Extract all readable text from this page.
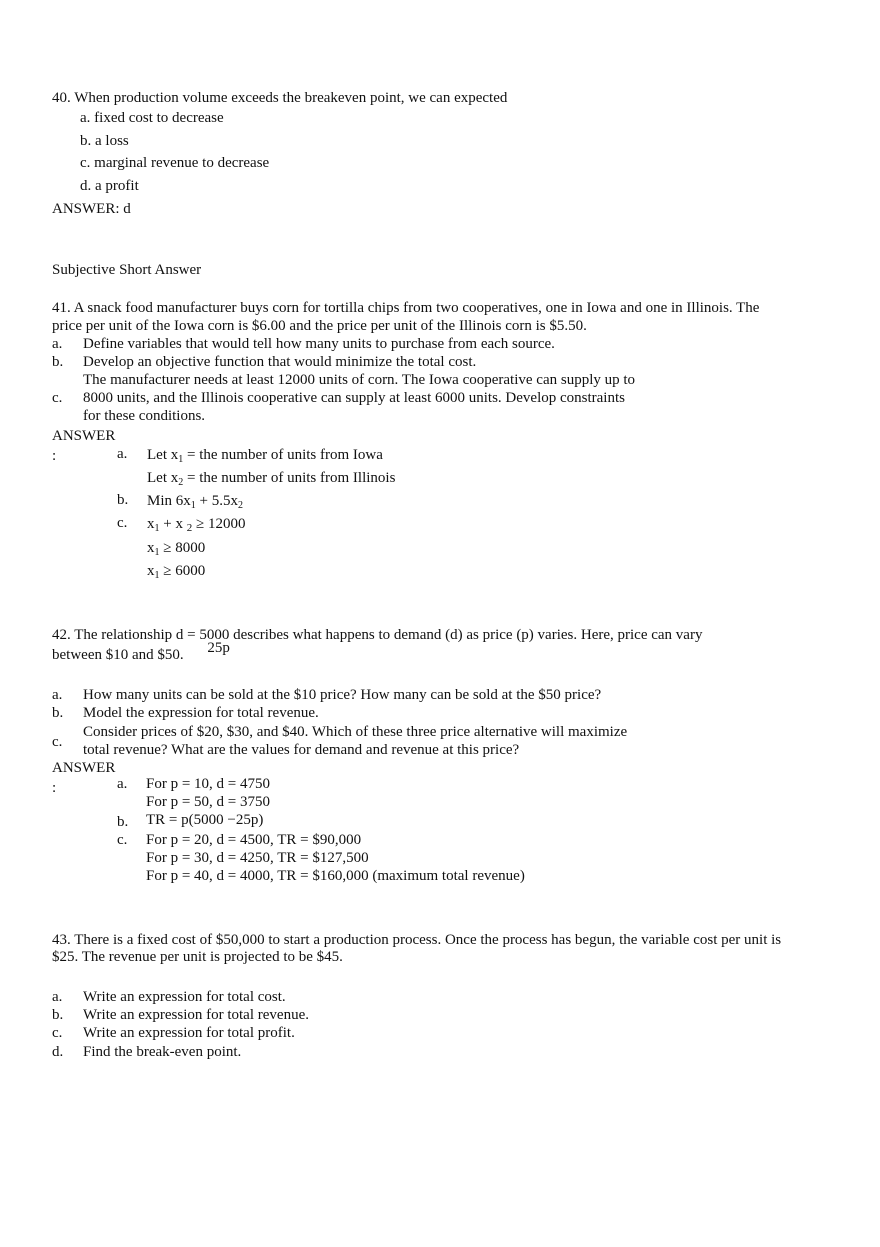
40. When production volume exceeds the breakeven point, we can expected
a. fixed cost to decrease
b. a loss
c. marginal revenue to decrease
d. a profit
ANSWER: d
Subjective Short Answer
41. A snack food manufacturer buys corn for tortilla chips from two cooperatives, one in Iowa and one in Illinois. The
price per unit of the Iowa corn is $6.00 and the price per unit of the Illinois corn is $5.50.
a. Define variables that would tell how many units to purchase from each source.
b. Develop an objective function that would minimize the total cost.
The manufacturer needs at least 12000 units of corn. The Iowa cooperative can supply up to
c. 8000 units, and the Illinois cooperative can supply at least 6000 units. Develop constraints
for these conditions.
ANSWER
:	a. Let $x_1$ = the number of units from Iowa
Let $x_2$ = the number of units from Illinois
b. Min $6x_1 + 5.5x_2$
c. $x_1 + x$ $_2$ ≥ 12000
$x_1 \ge 8000$
$x_1 \ge 6000$
42. The relationship d = 5000
25p
describes what happens to demand (d) as price (p) varies. Here, price can vary
between $10 and $50.
a. How many units can be sold at the $10 price? How many can be sold at the $50 price?
b. Model the expression for total revenue.
Consider prices of $20, $30, and $40. Which of these three price alternative will maximize
c. total revenue? What are the values for demand and revenue at this price?
ANSWER
:	a. For p = 10, d = 4750
For p = 50, d = 3750
b. TR = p(5000 −25p)
c. For p = 20, d = 4500, TR = $90,000
For p = 30, d = 4250, TR = $127,500
For p = 40, d = 4000, TR = $160,000 (maximum total revenue)
43. There is a fixed cost of $50,000 to start a production process. Once the process has begun, the variable cost per unit is
$25. The revenue per unit is projected to be $45.
a. Write an expression for total cost.
b. Write an expression for total revenue.
c. Write an expression for total profit.
d. Find the break-even point.
